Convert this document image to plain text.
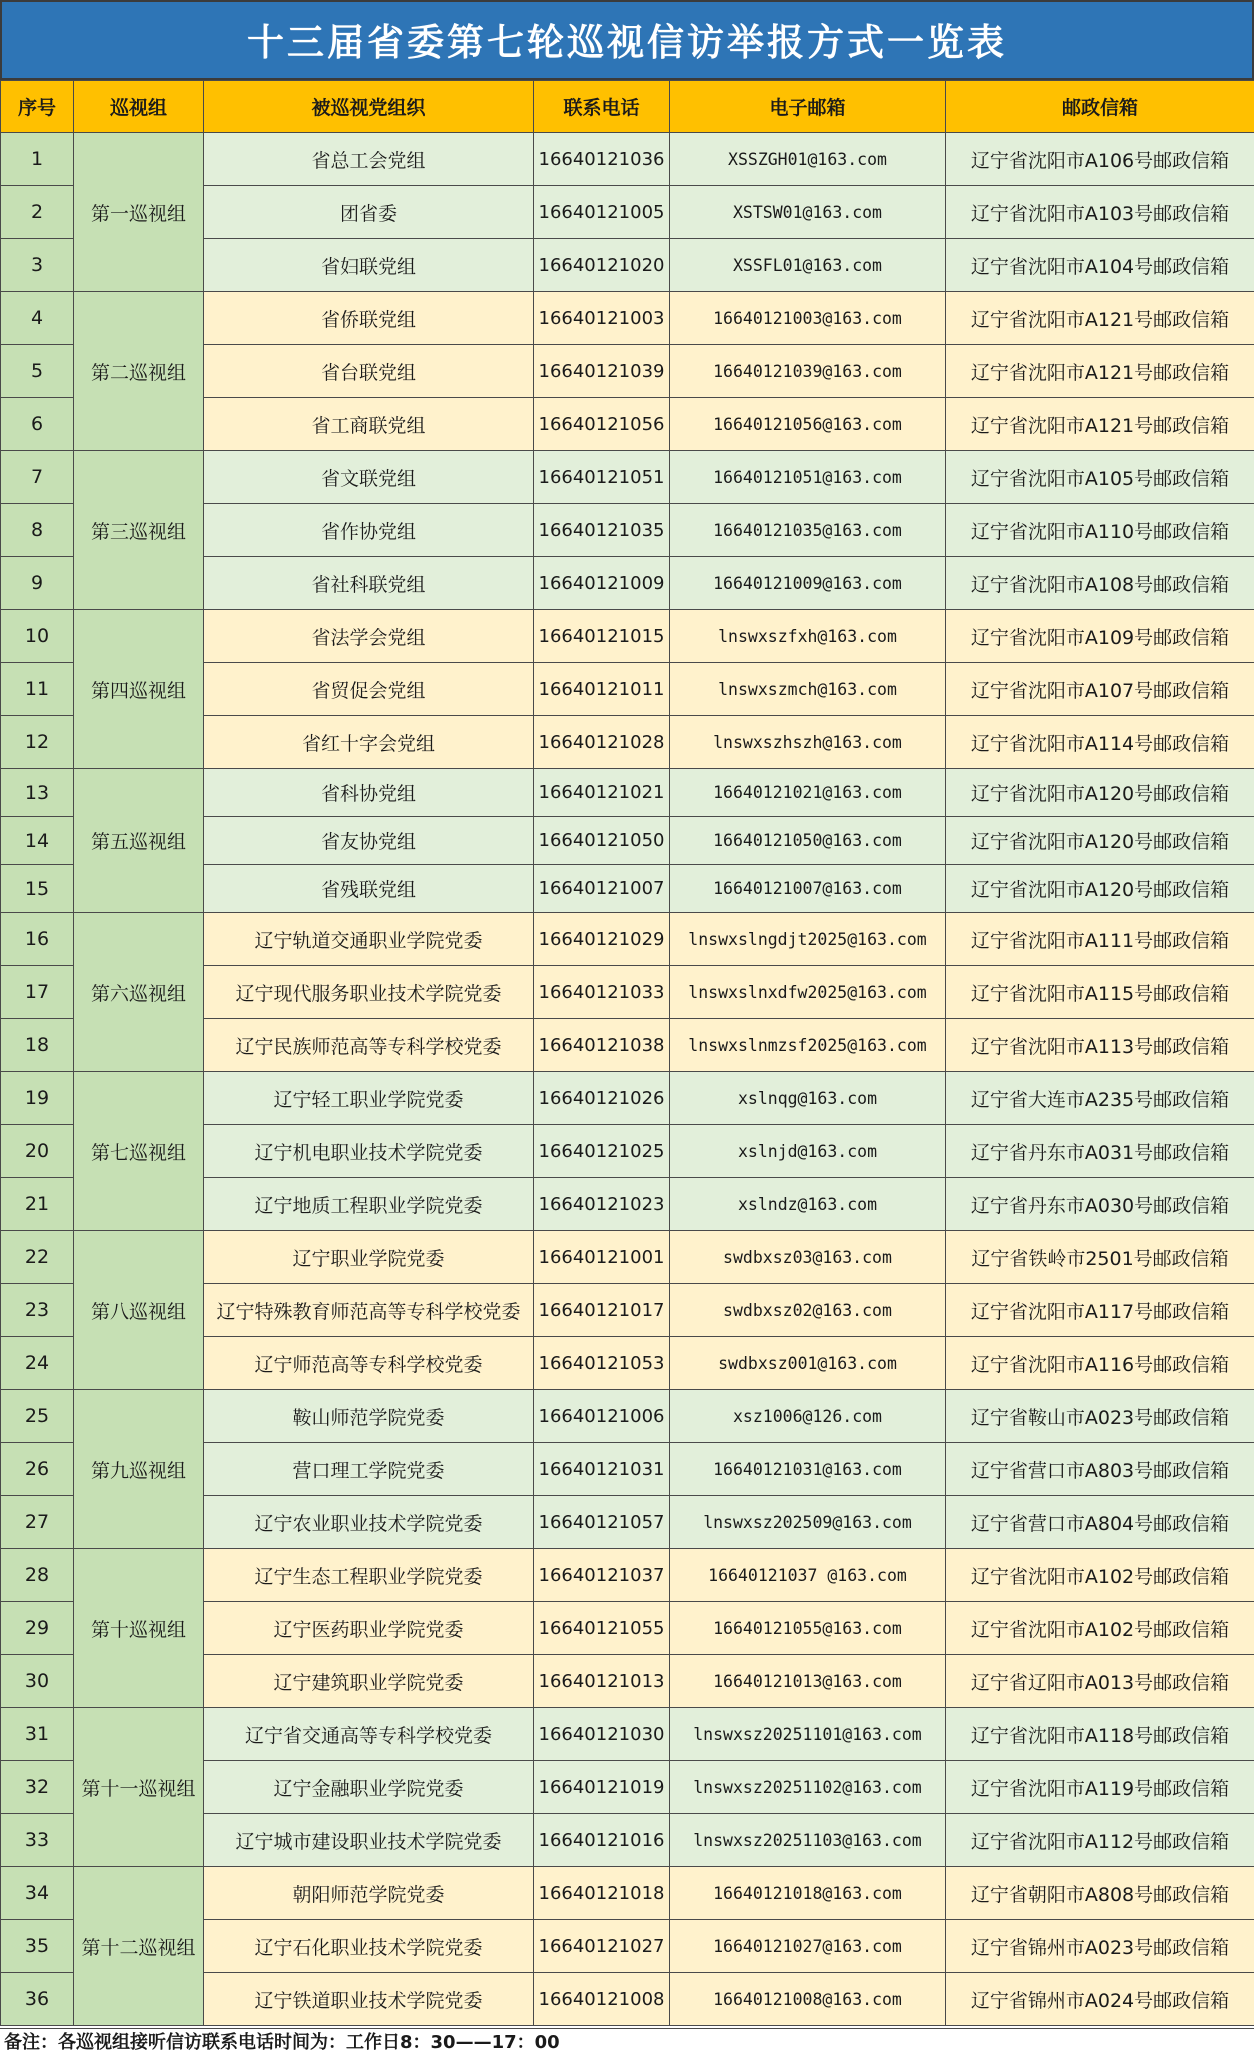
十三届省委第七轮巡视信访举报方式一览表
序号	巡视组	被巡视党组织	联系电话	电子邮箱	邮政信箱
1	第一巡视组	省总工会党组	16640121036	XSSZGH01@163.com	辽宁省沈阳市A106号邮政信箱
2		团省委	16640121005	XSTSW01@163.com	辽宁省沈阳市A103号邮政信箱
3		省妇联党组	16640121020	XSSFL01@163.com	辽宁省沈阳市A104号邮政信箱
4	第二巡视组	省侨联党组	16640121003	16640121003@163.com	辽宁省沈阳市A121号邮政信箱
5		省台联党组	16640121039	16640121039@163.com	辽宁省沈阳市A121号邮政信箱
6		省工商联党组	16640121056	16640121056@163.com	辽宁省沈阳市A121号邮政信箱
7	第三巡视组	省文联党组	16640121051	16640121051@163.com	辽宁省沈阳市A105号邮政信箱
8		省作协党组	16640121035	16640121035@163.com	辽宁省沈阳市A110号邮政信箱
9		省社科联党组	16640121009	16640121009@163.com	辽宁省沈阳市A108号邮政信箱
10	第四巡视组	省法学会党组	16640121015	lnswxszfxh@163.com	辽宁省沈阳市A109号邮政信箱
11		省贸促会党组	16640121011	lnswxszmch@163.com	辽宁省沈阳市A107号邮政信箱
12		省红十字会党组	16640121028	lnswxszhszh@163.com	辽宁省沈阳市A114号邮政信箱
13	第五巡视组	省科协党组	16640121021	16640121021@163.com	辽宁省沈阳市A120号邮政信箱
14		省友协党组	16640121050	16640121050@163.com	辽宁省沈阳市A120号邮政信箱
15		省残联党组	16640121007	16640121007@163.com	辽宁省沈阳市A120号邮政信箱
16	第六巡视组	辽宁轨道交通职业学院党委	16640121029	lnswxslngdjt2025@163.com	辽宁省沈阳市A111号邮政信箱
17		辽宁现代服务职业技术学院党委	16640121033	lnswxslnxdfw2025@163.com	辽宁省沈阳市A115号邮政信箱
18		辽宁民族师范高等专科学校党委	16640121038	lnswxslnmzsf2025@163.com	辽宁省沈阳市A113号邮政信箱
19	第七巡视组	辽宁轻工职业学院党委	16640121026	xslnqg@163.com	辽宁省大连市A235号邮政信箱
20		辽宁机电职业技术学院党委	16640121025	xslnjd@163.com	辽宁省丹东市A031号邮政信箱
21		辽宁地质工程职业学院党委	16640121023	xslndz@163.com	辽宁省丹东市A030号邮政信箱
22	第八巡视组	辽宁职业学院党委	16640121001	swdbxsz03@163.com	辽宁省铁岭市2501号邮政信箱
23		辽宁特殊教育师范高等专科学校党委	16640121017	swdbxsz02@163.com	辽宁省沈阳市A117号邮政信箱
24		辽宁师范高等专科学校党委	16640121053	swdbxsz001@163.com	辽宁省沈阳市A116号邮政信箱
25	第九巡视组	鞍山师范学院党委	16640121006	xsz1006@126.com	辽宁省鞍山市A023号邮政信箱
26		营口理工学院党委	16640121031	16640121031@163.com	辽宁省营口市A803号邮政信箱
27		辽宁农业职业技术学院党委	16640121057	lnswxsz202509@163.com	辽宁省营口市A804号邮政信箱
28	第十巡视组	辽宁生态工程职业学院党委	16640121037	16640121037 @163.com	辽宁省沈阳市A102号邮政信箱
29		辽宁医药职业学院党委	16640121055	16640121055@163.com	辽宁省沈阳市A102号邮政信箱
30		辽宁建筑职业学院党委	16640121013	16640121013@163.com	辽宁省辽阳市A013号邮政信箱
31	第十一巡视组	辽宁省交通高等专科学校党委	16640121030	lnswxsz20251101@163.com	辽宁省沈阳市A118号邮政信箱
32		辽宁金融职业学院党委	16640121019	lnswxsz20251102@163.com	辽宁省沈阳市A119号邮政信箱
33		辽宁城市建设职业技术学院党委	16640121016	lnswxsz20251103@163.com	辽宁省沈阳市A112号邮政信箱
34	第十二巡视组	朝阳师范学院党委	16640121018	16640121018@163.com	辽宁省朝阳市A808号邮政信箱
35		辽宁石化职业技术学院党委	16640121027	16640121027@163.com	辽宁省锦州市A023号邮政信箱
36		辽宁铁道职业技术学院党委	16640121008	16640121008@163.com	辽宁省锦州市A024号邮政信箱
备注：各巡视组接听信访联系电话时间为：工作日8：30——17：00
